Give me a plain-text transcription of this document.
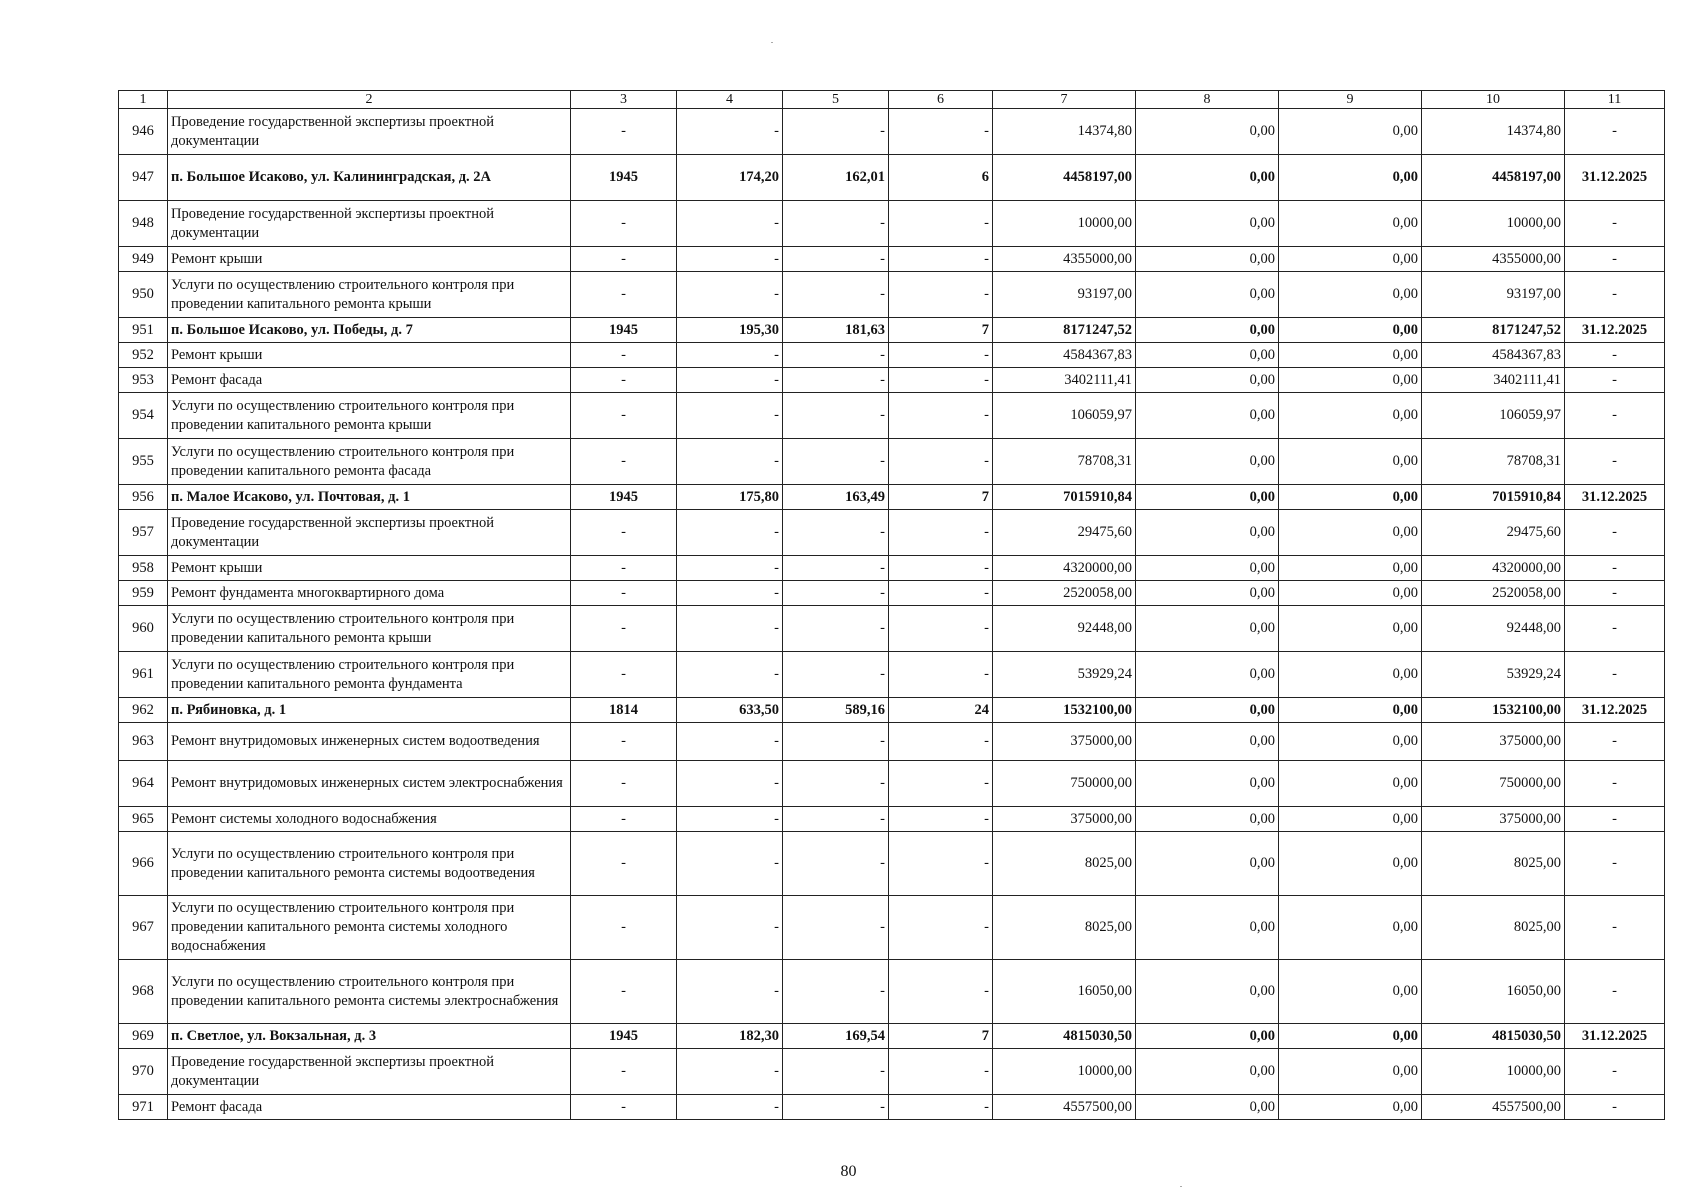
1	2	3	4	5	6	7	8	9	10	11
946	Проведение государственной экспертизы проектной документации	-	-	-	-	14374,80	0,00	0,00	14374,80	-
947	п. Большое Исаково, ул. Калининградская, д. 2А	1945	174,20	162,01	6	4458197,00	0,00	0,00	4458197,00	31.12.2025
948	Проведение государственной экспертизы проектной документации	-	-	-	-	10000,00	0,00	0,00	10000,00	-
949	Ремонт крыши	-	-	-	-	4355000,00	0,00	0,00	4355000,00	-
950	Услуги по осуществлению строительного контроля при проведении капитального ремонта крыши	-	-	-	-	93197,00	0,00	0,00	93197,00	-
951	п. Большое Исаково, ул. Победы, д. 7	1945	195,30	181,63	7	8171247,52	0,00	0,00	8171247,52	31.12.2025
952	Ремонт крыши	-	-	-	-	4584367,83	0,00	0,00	4584367,83	-
953	Ремонт фасада	-	-	-	-	3402111,41	0,00	0,00	3402111,41	-
954	Услуги по осуществлению строительного контроля при проведении капитального ремонта крыши	-	-	-	-	106059,97	0,00	0,00	106059,97	-
955	Услуги по осуществлению строительного контроля при проведении капитального ремонта фасада	-	-	-	-	78708,31	0,00	0,00	78708,31	-
956	п. Малое Исаково, ул. Почтовая, д. 1	1945	175,80	163,49	7	7015910,84	0,00	0,00	7015910,84	31.12.2025
957	Проведение государственной экспертизы проектной документации	-	-	-	-	29475,60	0,00	0,00	29475,60	-
958	Ремонт крыши	-	-	-	-	4320000,00	0,00	0,00	4320000,00	-
959	Ремонт фундамента многоквартирного дома	-	-	-	-	2520058,00	0,00	0,00	2520058,00	-
960	Услуги по осуществлению строительного контроля при проведении капитального ремонта крыши	-	-	-	-	92448,00	0,00	0,00	92448,00	-
961	Услуги по осуществлению строительного контроля при проведении капитального ремонта фундамента	-	-	-	-	53929,24	0,00	0,00	53929,24	-
962	п. Рябиновка, д. 1	1814	633,50	589,16	24	1532100,00	0,00	0,00	1532100,00	31.12.2025
963	Ремонт внутридомовых инженерных систем водоотведения	-	-	-	-	375000,00	0,00	0,00	375000,00	-
964	Ремонт внутридомовых инженерных систем электроснабжения	-	-	-	-	750000,00	0,00	0,00	750000,00	-
965	Ремонт системы холодного водоснабжения	-	-	-	-	375000,00	0,00	0,00	375000,00	-
966	Услуги по осуществлению строительного контроля при проведении капитального ремонта системы водоотведения	-	-	-	-	8025,00	0,00	0,00	8025,00	-
967	Услуги по осуществлению строительного контроля при проведении капитального ремонта системы холодного водоснабжения	-	-	-	-	8025,00	0,00	0,00	8025,00	-
968	Услуги по осуществлению строительного контроля при проведении капитального ремонта системы электроснабжения	-	-	-	-	16050,00	0,00	0,00	16050,00	-
969	п. Светлое, ул. Вокзальная, д. 3	1945	182,30	169,54	7	4815030,50	0,00	0,00	4815030,50	31.12.2025
970	Проведение государственной экспертизы проектной документации	-	-	-	-	10000,00	0,00	0,00	10000,00	-
971	Ремонт фасада	-	-	-	-	4557500,00	0,00	0,00	4557500,00	-
80
